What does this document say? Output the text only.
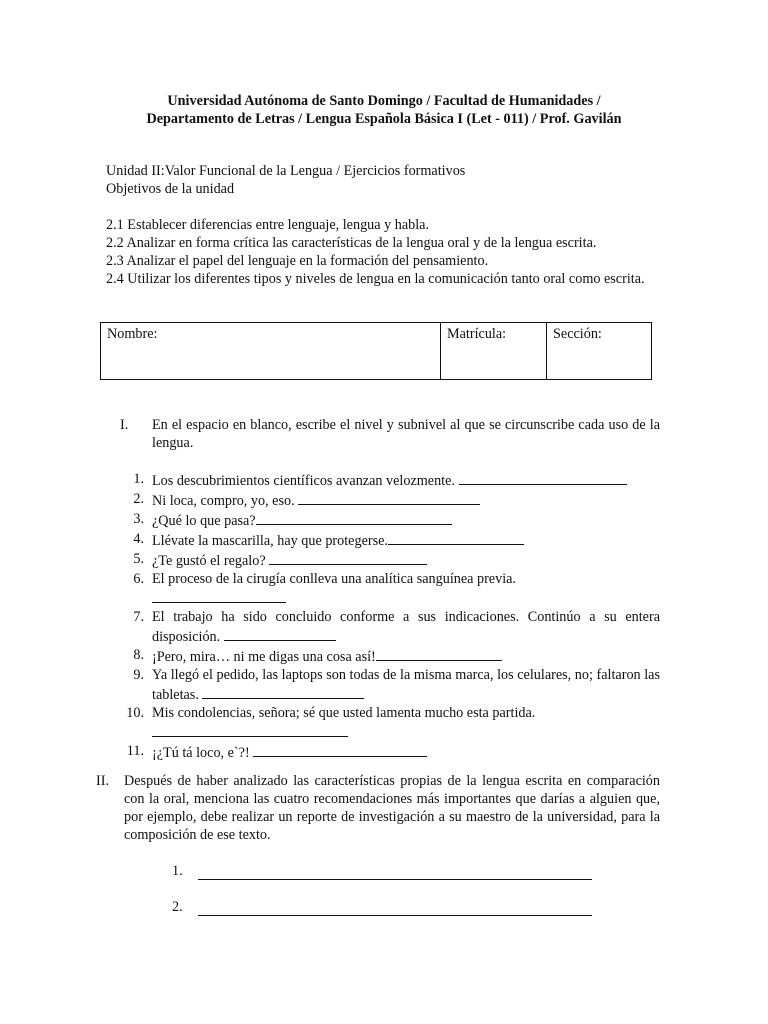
Universidad Autónoma de Santo Domingo / Facultad de Humanidades /
Departamento de Letras / Lengua Española Básica I (Let - 011) / Prof. Gavilán
Unidad II:Valor Funcional de la Lengua / Ejercicios formativos
Objetivos de la unidad

2.1 Establecer diferencias entre lenguaje, lengua y habla.

2.2 Analizar en forma crítica las características de la lengua oral y de la lengua escrita.

2.3 Analizar el papel del lenguaje en la formación del pensamiento.

2.4 Utilizar los diferentes tipos y niveles de lengua en la comunicación tanto oral como escrita.

Nombre:	Matrícula:	Sección:
I.	En el espacio en blanco, escribe el nivel y subnivel al que se circunscribe cada uso de la lengua.
1. Los descubrimientos científicos avanzan velozmente.
2. Ni loca, compro, yo, eso.
3. ¿Qué lo que pasa?
4. Llévate la mascarilla, hay que protegerse.
5. ¿Te gustó el regalo?
6. El proceso de la cirugía conlleva una analítica sanguínea previa.

7. El trabajo ha sido concluido conforme a sus indicaciones. Continúo a su entera disposición.
8. ¡Pero, mira… ni me digas una cosa así!
9. Ya llegó el pedido, las laptops son todas de la misma marca, los celulares, no; faltaron las tabletas.
10. Mis condolencias, señora; sé que usted lamenta mucho esta partida.

11. ¡¿Tú tá loco, e`?!
II.	Después de haber analizado las características propias de la lengua escrita en comparación con la oral, menciona las cuatro recomendaciones más importantes que darías a alguien que, por ejemplo, debe realizar un reporte de investigación a su maestro de la universidad, para la composición de ese texto.
1.
2.
